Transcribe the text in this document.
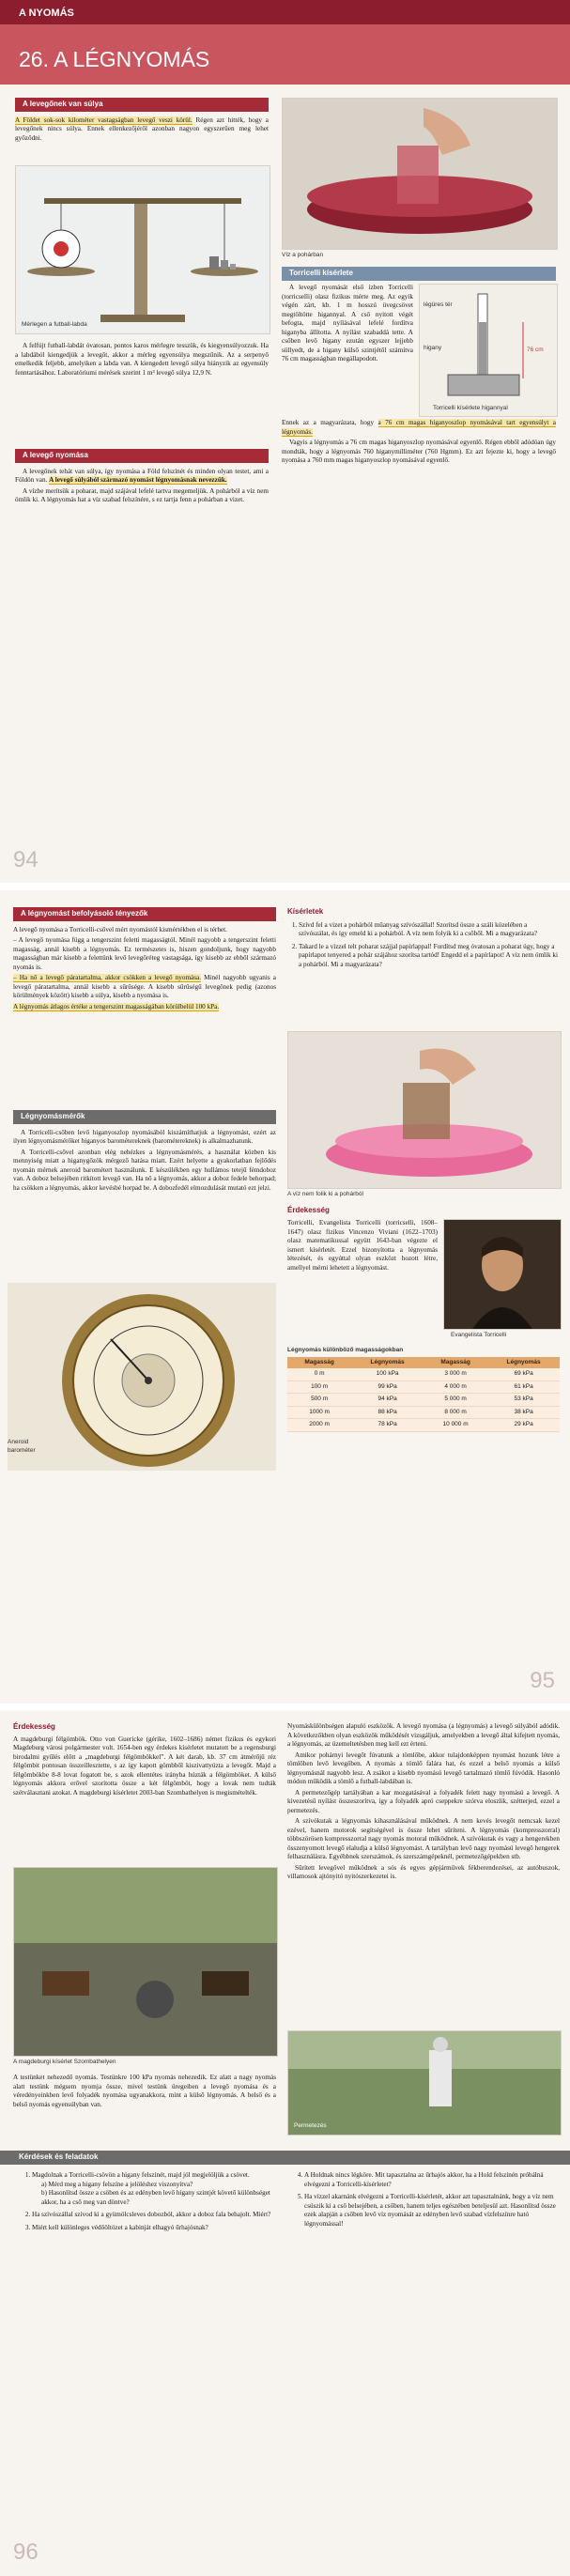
A NYOMÁS
26. A LÉGNYOMÁS
A levegőnek van súlya

A Földet sok-sok kilométer vastagságban levegő veszi körül. Régen azt hitték, hogy a levegőnek nincs súlya. Ennek ellenkezőjéről azonban nagyon egyszerűen meg lehet győződni.

Mérlegen a futball-labda

A felfújt futball-labdát óvatosan, pontos karos mérlegre tesszük, és kiegyensúlyozzuk. Ha a labdából kiengedjük a levegőt, akkor a mérleg egyensúlya megszűnik. Az a serpenyő emelkedik feljebb, amelyiken a labda van. A kiengedett levegő súlya hiányzik az egyensúly fenntartásához. Laboratóriumi mérések szerint 1 m³ levegő súlya 12,9 N.

A levegő nyomása

A levegőnek tehát van súlya, így nyomása a Föld felszínét és minden olyan testet, ami a Földön van. A levegő súlyából származó nyomást légnyomásnak nevezzük.

A vízbe merítsük a poharat, majd szájával lefelé tartva megemeljük. A pohárból a víz nem ömlik ki. A légnyomás hat a víz szabad felszínére, s ez tartja fenn a pohárban a vizet.

Víz a pohárban
Torricelli kísérlete

A levegő nyomását első ízben Torricelli (torricselli) olasz fizikus mérte meg. Az egyik végén zárt, kb. 1 m hosszú üvegcsövet megtöltötte higannyal. A cső nyitott végét befogta, majd nyílásával lefelé fordítva higanyba állította. A nyílást szabaddá tette. A csőben levő higany ezután egyszer lejjebb süllyedt, de a higany külső szintjétől számítva 76 cm magasságban megállapodott.

légüres tér
higany	76 cm
Torricelli kísérlete higannyal

Ennek az a magyarázata, hogy a 76 cm magas higanyoszlop nyomásával tart egyensúlyt a légnyomás.

Vagyis a légnyomás a 76 cm magas higanyoszlop nyomásával egyenlő. Régen ebből adódóan úgy mondták, hogy a légnyomás 760 higanymilliméter (760 Hgmm). Ez azt fejezte ki, hogy a levegő nyomása a 760 mm magas higanyoszlop nyomásával egyenlő.

94
A légnyomást befolyásoló tényezők

A levegő nyomása a Torricelli-csővel mért nyomástól kismértékben el is térhet.

– A levegő nyomása függ a tengerszint feletti magasságtól. Minél nagyobb a tengerszint feletti magasság, annál kisebb a légnyomás. Ez természetes is, hiszen gondoljunk, hogy nagyobb magasságban már kisebb a felettünk levő levegőréteg vastagsága, így kisebb az ebből származó nyomás is.

– Ha nő a levegő páratartalma, akkor csökken a levegő nyomása. Minél nagyobb ugyanis a levegő páratartalma, annál kisebb a sűrűsége. A kisebb sűrűségű levegőnek pedig (azonos körülmények között) kisebb a súlya, kisebb a nyomása is.

A légnyomás átlagos értéke a tengerszint magasságában körülbelül 100 kPa.

Légnyomásmérők

A Torricelli-csőben levő higanyoszlop nyomásából kiszámíthatjuk a légnyomást, ezért az ilyen légnyomásmérőket higanyos barométereknek (barométereknek) is alkalmazhatunk.

A Torricelli-csővel azonban elég nehézkes a légnyomásmérés, a használat közben kis mennyiség miatt a higanygőzök mérgező hatása miatt. Ezért helyette a gyakorlatban fejlődés nyomán mérnek aneroid barométert használunk. E készülékben egy hullámos tetejű fémdoboz van. A doboz belsejében ritkított levegő van. Ha nő a légnyomás, akkor a doboz fedele behorpad; ha csökken a légnyomás, akkor kevésbé horpad be. A dobozfedél elmozdulását mutató ezt jelzi.

Aneroid barométer
Kísérletek
1. Szívd fel a vizet a pohárból műanyag szívószállal! Szorítsd össze a száli közelében a szívószálat, és így emeld ki a pohárból. A víz nem folyik ki a csőből. Mi a magyarázata?
2. Takard le a vízzel telt poharat szájjal papírlappal! Fordítsd meg óvatosan a poharat úgy, hogy a papírlapot tenyered a pohár szájához szorítsa tartód! Engedd el a papírlapot! A víz nem ömlik ki a pohárból. Mi a magyarázata?
A víz nem folik ki a pohárból
Érdekesség

Torricelli, Evangelista Torricelli (torricselli, 1608–1647) olasz fizikus Vincenzo Viviani (1622–1703) olasz matematikussal együtt 1643-ban végezte el ismert kísérletét. Ezzel bizonyította a légnyomás létezését, és egyúttal olyan eszközt hozott létre, amellyel mérni lehetett a légnyomást.

Evangelista Torricelli
Légnyomás különböző magasságokban
Magasság	Légnyomás	Magasság	Légnyomás
0 m	100 kPa	3 000 m	69 kPa
100 m	99 kPa	4 000 m	61 kPa
500 m	94 kPa	5 000 m	53 kPa
1000 m	88 kPa	8 000 m	38 kPa
2000 m	78 kPa	10 000 m	29 kPa
95
Érdekesség

A magdeburgi félgömbök. Otto von Guericke (gérike, 1602–1686) német fizikus és egykori Magdeburg városi polgármester volt. 1654-ben egy érdekes kísérletet mutatott be a regensburgi birodalmi gyűlés előtt a „magdeburgi félgömbökkel”. A két darab, kb. 37 cm átmérőjű réz félgömbit pontosan összeillesztette, s az így kapott gömbből kiszivattyúzta a levegőt. Majd a félgömbökbe 8-8 lovat fogatott be, s azok ellentétes irányba húzták a félgömböket. A külső légnyomás akkora erővel szorította össze a két félgömböt, hogy a lovak nem tudták szétválasztani azokat. A magdeburgi kísérletet 2003-ban Szombathelyen is megismételték.

A magdeburgi kísérlet Szombathelyen

A testünket nehezedő nyomás. Testünkre 100 kPa nyomás nehezedik. Ez alatt a nagy nyomás alatt testünk mégsem nyomja össze, mivel testünk üregeiben a levegő nyomása és a véredényeinkben levő folyadék nyomása ugyanakkora, mint a külső légnyomás. A belső és a belső nyomás egyensúlyban van.

Nyomáskülönbségen alapuló eszközök. A levegő nyomása (a légnyomás) a levegő súlyából adódik. A következőkben olyan eszközök működését vizsgáljuk, amelyekben a levegő által kifejtett nyomás, a légnyomás, az üzemeltetésben meg kell ezt érteni.

Amikor pohárnyi levegőt fúvatunk a tömlőbe, akkor tulajdonképpen nyomást hozunk létre a tömlőben levő levegőben. A nyomás a tömlő falára hat, és ezzel a belső nyomás a külső légnyomásnál nagyobb lesz. A zsákot a kisebb nyomású levegő tartalmazó tömlő fúvódik. Hasonló módon működik a tömlő a futball-labdában is.

A permetezőgép tartályában a kar mozgatásával a folyadék felett nagy nyomású a levegő. A kivezetésű nyílást összeszorítva, így a folyadék apró cseppekre szórva eloszlik, szétterjed, ezzel a permetezés.

A szívókutak a légnyomás kihasználásával működnek. A nem kevés levegőt nemcsak kezel ezével, hanem motorok segítségével is össze lehet sűríteni. A légnyomás (kompresszorral) többszörösen kompresszorral nagy nyomás motoral működnek. A szívókutak és vagy a hengerekben összenyomott levegő elaludja a külső légnyomást. A tartályban levő nagy nyomású levegő hengerek felhasználásra. Egyébbnek szerszámok, és szerszámgépeknél, permetezőgépekben stb.

Sűrített levegővel működnek a sós és egyes gépjárművek fékberendezései, az autóbuszok, villamosok ajtónyitó nyitószerkezetei is.

Permetezés
Kérdések és feladatok
1. Magdolnak a Torricelli-csövön a higany felszínét, majd jól megjelöljük a csövet.
a) Mérd meg a higany felszíne a jelöléshez viszonyítva?
b) Hasonlítsd össze a csöben és az edényben levő higany szintjét követő különbséget akkor, ha a cső meg van döntve?
2. Ha szívószállal szívod ki a gyümölcsleves dobozból, akkor a doboz fala behajolt. Miért?
3. Miért kell különleges védőöltözet a kabinját elhagyó űrhajósnak?
4. A Holdnak nincs légköre. Mit tapasztalna az űrhajós akkor, ha a Hold felszínén próbálná elvégezni a Torricelli-kísérletet?
5. Ha vízzel akarnánk elvégezni a Torricelli-kísérletét, akkor azt tapasztalnánk, hogy a víz nem csúszik ki a cső belsejében, a csőben, hanem teljes egészében beteljesül azt. Hasonlítsd össze ezek alapján a csőben levő víz nyomását az edényben levő szabad vízfelszínre ható légnyomással!
96
